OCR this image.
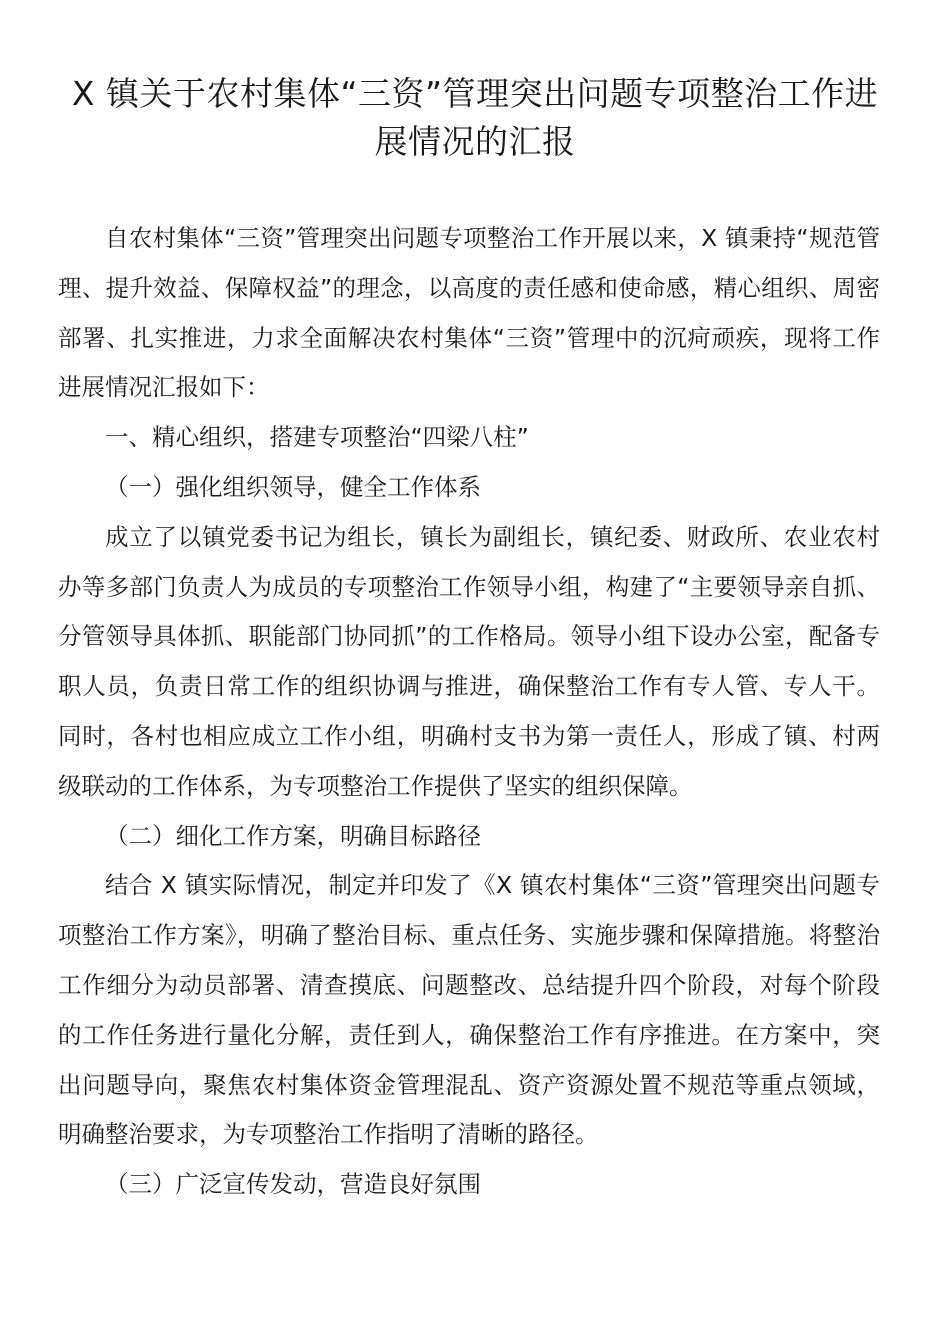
X 镇关于农村集体“三资”管理突出问题专项整治工作进展情况的汇报

自农村集体“三资”管理突出问题专项整治工作开展以来，X 镇秉持“规范管理、提升效益、保障权益”的理念，以高度的责任感和使命感，精心组织、周密部署、扎实推进，力求全面解决农村集体“三资”管理中的沉疴顽疾，现将工作进展情况汇报如下：

一、精心组织，搭建专项整治“四梁八柱”

（一）强化组织领导，健全工作体系

成立了以镇党委书记为组长，镇长为副组长，镇纪委、财政所、农业农村办等多部门负责人为成员的专项整治工作领导小组，构建了“主要领导亲自抓、分管领导具体抓、职能部门协同抓”的工作格局。领导小组下设办公室，配备专职人员，负责日常工作的组织协调与推进，确保整治工作有专人管、专人干。同时，各村也相应成立工作小组，明确村支书为第一责任人，形成了镇、村两级联动的工作体系，为专项整治工作提供了坚实的组织保障。

（二）细化工作方案，明确目标路径

结合 X 镇实际情况，制定并印发了《X 镇农村集体“三资”管理突出问题专项整治工作方案》，明确了整治目标、重点任务、实施步骤和保障措施。将整治工作细分为动员部署、清查摸底、问题整改、总结提升四个阶段，对每个阶段的工作任务进行量化分解，责任到人，确保整治工作有序推进。在方案中，突出问题导向，聚焦农村集体资金管理混乱、资产资源处置不规范等重点领域，明确整治要求，为专项整治工作指明了清晰的路径。

（三）广泛宣传发动，营造良好氛围
